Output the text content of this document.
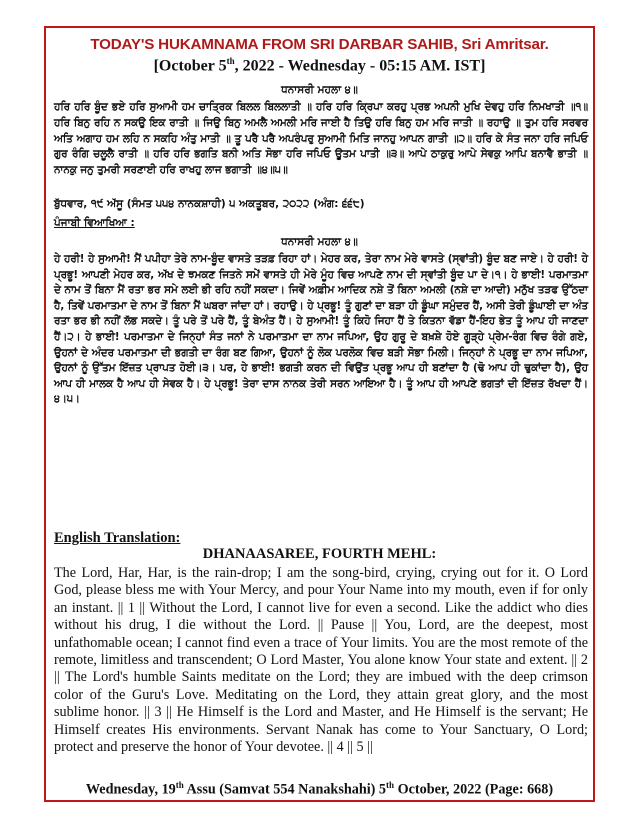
TODAY'S HUKAMNAMA FROM SRI DARBAR SAHIB, Sri Amritsar.
[October 5th, 2022 - Wednesday - 05:15 AM. IST]
ਧਨਾਸਰੀ ਮਹਲਾ ੪॥

ਹਰਿ ਹਰਿ ਬੂੰਦ ਭਏ ਹਰਿ ਸੁਆਮੀ ਹਮ ਚਾਤ੍ਰਿਕ ਬਿਲਲ ਬਿਲਲਾਤੀ ॥ ਹਰਿ ਹਰਿ ਕ੍ਰਿਪਾ ਕਰਹੁ ਪ੍ਰਭ ਅਪਨੀ ਮੁਖਿ ਦੇਵਹੁ ਹਰਿ ਨਿਮਖਾਤੀ ॥੧॥ ਹਰਿ ਬਿਨੁ ਰਹਿ ਨ ਸਕਉ ਇਕ ਰਾਤੀ ॥ ਜਿਉ ਬਿਨੁ ਅਮਲੈ ਅਮਲੀ ਮਰਿ ਜਾਈ ਹੈ ਤਿਉ ਹਰਿ ਬਿਨੁ ਹਮ ਮਰਿ ਜਾਤੀ ॥ ਰਹਾਉ ॥ ਤੁਮ ਹਰਿ ਸਰਵਰ ਅਤਿ ਅਗਾਹ ਹਮ ਲਹਿ ਨ ਸਕਹਿ ਅੰਤੁ ਮਾਤੀ ॥ ਤੂ ਪਰੈ ਪਰੈ ਅਪਰੰਪਰੁ ਸੁਆਮੀ ਮਿਤਿ ਜਾਨਹੁ ਆਪਨ ਗਾਤੀ ॥੨॥ ਹਰਿ ਕੇ ਸੰਤ ਜਨਾ ਹਰਿ ਜਪਿਓ ਗੁਰ ਰੰਗਿ ਚਲੂਲੈ ਰਾਤੀ ॥ ਹਰਿ ਹਰਿ ਭਗਤਿ ਬਨੀ ਅਤਿ ਸੋਭਾ ਹਰਿ ਜਪਿਓ ਊਤਮ ਪਾਤੀ ॥੩॥ ਆਪੇ ਠਾਕੁਰੁ ਆਪੇ ਸੇਵਕੁ ਆਪਿ ਬਨਾਵੈ ਭਾਤੀ ॥ ਨਾਨਕੁ ਜਨੁ ਤੁਮਰੀ ਸਰਣਾਈ ਹਰਿ ਰਾਖਹੁ ਲਾਜ ਭਗਾਤੀ ॥੪॥੫॥

ਬੁੱਧਵਾਰ, ੧੯ ਅੱਸੂ (ਸੰਮਤ ੫੫੪ ਨਾਨਕਸ਼ਾਹੀ) ੫ ਅਕਤੂਬਰ, ੨੦੨੨ (ਅੰਗ: ੬੬੮)
ਪੰਜਾਬੀ ਵਿਆਖਿਆ :
ਧਨਾਸਰੀ ਮਹਲਾ ੪॥

ਹੇ ਹਰੀ! ਹੇ ਸੁਆਮੀ! ਮੈਂ ਪਪੀਹਾ ਤੇਰੇ ਨਾਮ-ਬੂੰਦ ਵਾਸਤੇ ਤੜਫ਼ ਰਿਹਾ ਹਾਂ। ਮੇਹਰ ਕਰ, ਤੇਰਾ ਨਾਮ ਮੇਰੇ ਵਾਸਤੇ (ਸ੍ਵਾਂਤੀ) ਬੂੰਦ ਬਣ ਜਾਏ। ਹੇ ਹਰੀ! ਹੇ ਪ੍ਰਭੂ! ਆਪਣੀ ਮੇਹਰ ਕਰ, ਅੱਖ ਦੇ ਝਮਕਣ ਜਿਤਨੇ ਸਮੇਂ ਵਾਸਤੇ ਹੀ ਮੇਰੇ ਮੂੰਹ ਵਿਚ ਆਪਣੇ ਨਾਮ ਦੀ ਸ੍ਵਾਂਤੀ ਬੂੰਦ ਪਾ ਦੇ।੧। ਹੇ ਭਾਈ! ਪਰਮਾਤਮਾ ਦੇ ਨਾਮ ਤੋਂ ਬਿਨਾ ਮੈਂ ਰਤਾ ਭਰ ਸਮੇ ਲਈ ਭੀ ਰਹਿ ਨਹੀਂ ਸਕਦਾ। ਜਿਵੇਂ ਅਫ਼ੀਮ ਆਦਿਕ ਨਸ਼ੇ ਤੋਂ ਬਿਨਾ ਅਮਲੀ (ਨਸ਼ੇ ਦਾ ਆਦੀ) ਮਨੁੱਖ ਤੜਫ ਉੱਠਦਾ ਹੈ, ਤਿਵੇਂ ਪਰਮਾਤਮਾ ਦੇ ਨਾਮ ਤੋਂ ਬਿਨਾ ਮੈਂ ਘਬਰਾ ਜਾਂਦਾ ਹਾਂ। ਰਹਾਉ। ਹੇ ਪ੍ਰਭੂ! ਤੂੰ ਗੁਣਾਂ ਦਾ ਬੜਾ ਹੀ ਡੂੰਘਾ ਸਮੁੰਦਰ ਹੈਂ, ਅਸੀ ਤੇਰੀ ਡੂੰਘਾਈ ਦਾ ਅੰਤ ਰਤਾ ਭਰ ਭੀ ਨਹੀਂ ਲੱਭ ਸਕਦੇ। ਤੂੰ ਪਰੇ ਤੋਂ ਪਰੇ ਹੈਂ, ਤੂੰ ਬੇਅੰਤ ਹੈਂ। ਹੇ ਸੁਆਮੀ! ਤੂੰ ਕਿਹੋ ਜਿਹਾ ਹੈਂ ਤੇ ਕਿਤਨਾ ਵੱਡਾ ਹੈਂ-ਇਹ ਭੇਤ ਤੂੰ ਆਪ ਹੀ ਜਾਣਦਾ ਹੈਂ।੨। ਹੇ ਭਾਈ! ਪਰਮਾਤਮਾ ਦੇ ਜਿਨ੍ਹਾਂ ਸੰਤ ਜਨਾਂ ਨੇ ਪਰਮਾਤਮਾ ਦਾ ਨਾਮ ਜਪਿਆ, ਉਹ ਗੁਰੂ ਦੇ ਬਖ਼ਸ਼ੇ ਹੋਏ ਗੂੜ੍ਹੇ ਪ੍ਰੇਮ-ਰੰਗ ਵਿਚ ਰੰਗੇ ਗਏ, ਉਹਨਾਂ ਦੇ ਅੰਦਰ ਪਰਮਾਤਮਾ ਦੀ ਭਗਤੀ ਦਾ ਰੰਗ ਬਣ ਗਿਆ, ਉਹਨਾਂ ਨੂੰ ਲੋਕ ਪਰਲੋਕ ਵਿਚ ਬੜੀ ਸੋਭਾ ਮਿਲੀ। ਜਿਨ੍ਹਾਂ ਨੇ ਪ੍ਰਭੂ ਦਾ ਨਾਮ ਜਪਿਆ, ਉਹਨਾਂ ਨੂੰ ਉੱਤਮ ਇੱਜ਼ਤ ਪ੍ਰਾਪਤ ਹੋਈ।੩। ਪਰ, ਹੇ ਭਾਈ! ਭਗਤੀ ਕਰਨ ਦੀ ਵਿਉਂਤ ਪ੍ਰਭੂ ਆਪ ਹੀ ਬਣਾਂਦਾ ਹੈ (ਢੋ ਆਪ ਹੀ ਢੁਕਾਂਦਾ ਹੈ), ਉਹ ਆਪ ਹੀ ਮਾਲਕ ਹੈ ਆਪ ਹੀ ਸੇਵਕ ਹੈ। ਹੇ ਪ੍ਰਭੂ! ਤੇਰਾ ਦਾਸ ਨਾਨਕ ਤੇਰੀ ਸਰਨ ਆਇਆ ਹੈ। ਤੂੰ ਆਪ ਹੀ ਆਪਣੇ ਭਗਤਾਂ ਦੀ ਇੱਜ਼ਤ ਰੱਖਦਾ ਹੈਂ।੪।੫।

English Translation:
DHANAASAREE, FOURTH MEHL:

The Lord, Har, Har, is the rain-drop; I am the song-bird, crying, crying out for it. O Lord God, please bless me with Your Mercy, and pour Your Name into my mouth, even if for only an instant. || 1 || Without the Lord, I cannot live for even a second. Like the addict who dies without his drug, I die without the Lord. || Pause || You, Lord, are the deepest, most unfathomable ocean; I cannot find even a trace of Your limits. You are the most remote of the remote, limitless and transcendent; O Lord Master, You alone know Your state and extent. || 2 || The Lord's humble Saints meditate on the Lord; they are imbued with the deep crimson color of the Guru's Love. Meditating on the Lord, they attain great glory, and the most sublime honor. || 3 || He Himself is the Lord and Master, and He Himself is the servant; He Himself creates His environments. Servant Nanak has come to Your Sanctuary, O Lord; protect and preserve the honor of Your devotee. || 4 || 5 ||

Wednesday, 19th Assu (Samvat 554 Nanakshahi) 5th October, 2022 (Page: 668)
